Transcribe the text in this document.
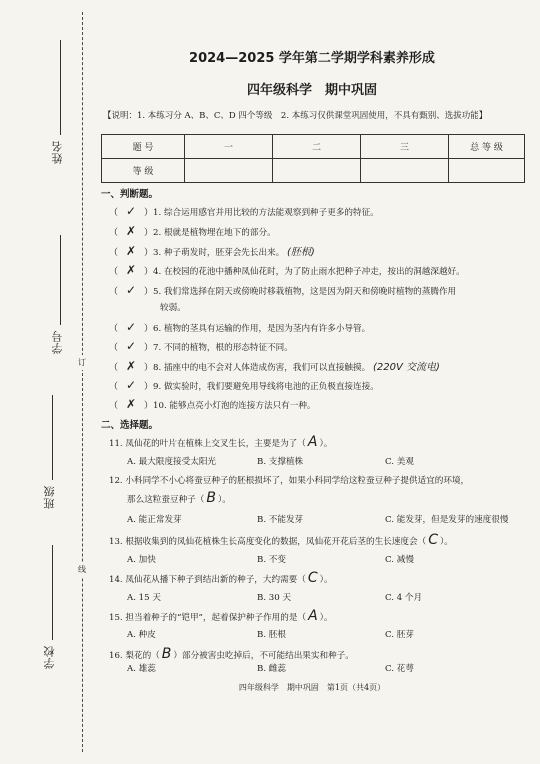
姓名
学号
班级
学校
订
线
2024—2025 学年第二学期学科素养形成
四年级科学　期中巩固
【说明：1. 本练习分 A、B、C、D 四个等级　2. 本练习仅供课堂巩固使用，不具有甄别、选拔功能】
题 号	一	二	三	总 等 级
等 级				
一、判断题。
（ ✓ ）1. 综合运用感官并用比较的方法能观察到种子更多的特征。
（ ✗ ）2. 根就是植物埋在地下的部分。
（ ✗ ）3. 种子萌发时，胚芽会先长出来。 (胚根)
（ ✗ ）4. 在校园的花池中播种凤仙花时，为了防止雨水把种子冲走，按出的洞越深越好。
（ ✓ ）5. 我们常选择在阴天或傍晚时移栽植物，这是因为阴天和傍晚时植物的蒸腾作用
较弱。
（ ✓ ）6. 植物的茎具有运输的作用，是因为茎内有许多小导管。
（ ✓ ）7. 不同的植物，根的形态特征不同。
（ ✗ ）8. 插座中的电不会对人体造成伤害，我们可以直接触摸。 (220V 交流电)
（ ✓ ）9. 做实验时，我们要避免用导线将电池的正负极直接连接。
（ ✗ ）10. 能够点亮小灯泡的连接方法只有一种。
二、选择题。
11. 凤仙花的叶片在植株上交叉生长，主要是为了（ A ）。
A. 最大限度接受太阳光	B. 支撑植株	C. 美观
12. 小科同学不小心将蚕豆种子的胚根损坏了，如果小科同学给这粒蚕豆种子提供适宜的环境，
那么这粒蚕豆种子（ B ）。
A. 能正常发芽	B. 不能发芽	C. 能发芽，但是发芽的速度很慢
13. 根据收集到的凤仙花植株生长高度变化的数据，凤仙花开花后茎的生长速度会（ C ）。
A. 加快	B. 不变	C. 减慢
14. 凤仙花从播下种子到结出新的种子，大约需要（ C ）。
A. 15 天	B. 30 天	C. 4 个月
15. 担当着种子的“铠甲”，起着保护种子作用的是（ A ）。
A. 种皮	B. 胚根	C. 胚芽
16. 梨花的（ B ）部分被害虫吃掉后，不可能结出果实和种子。
A. 雄蕊	B. 雌蕊	C. 花萼
四年级科学　期中巩固　第1页（共4页）
